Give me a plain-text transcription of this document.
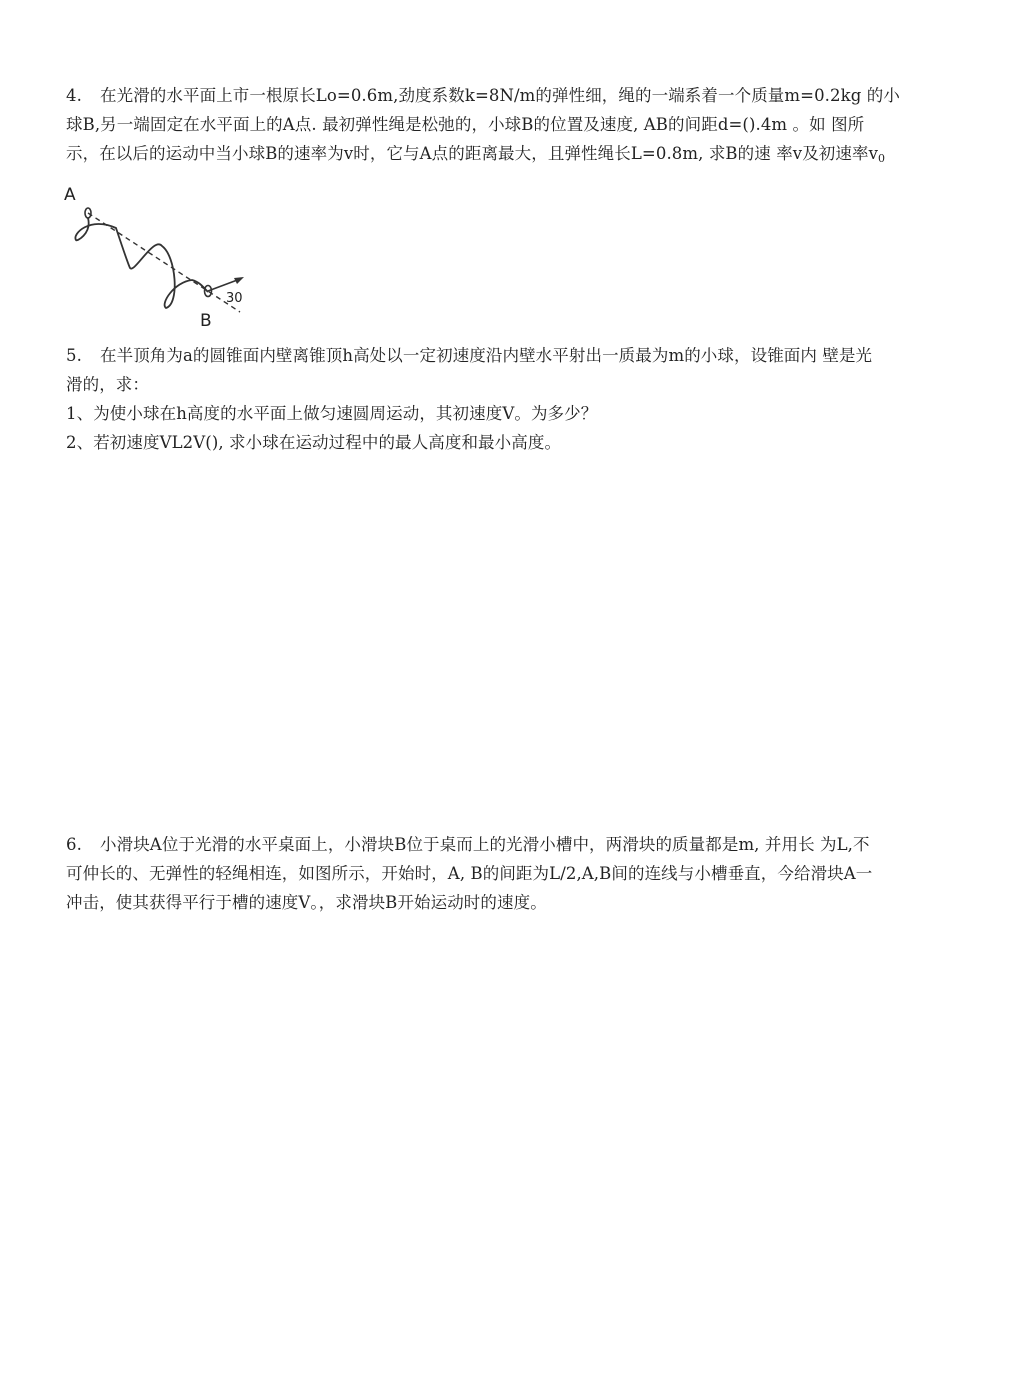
4. 在光滑的水平面上市一根原长Lo=0.6m,劲度系数k=8N/m的弹性细，绳的一端系着一个质量m=0.2kg 的小
球B,另一端固定在水平面上的A点. 最初弹性绳是松弛的，小球B的位置及速度, AB的间距d=().4m 。如 图所
示，在以后的运动中当小球B的速率为v时，它与A点的距离最大，且弹性绳长L=0.8m, 求B的速 率v及初速率$v_0$

A
B
30
5. 在半顶角为a的圆锥面内壁离锥顶h高处以一定初速度沿内壁水平射出一质最为m的小球，设锥面内 壁是光
滑的，求：
1、为使小球在h高度的水平面上做匀速圆周运动，其初速度V。为多少？
2、若初速度VL2V(), 求小球在运动过程中的最人高度和最小高度。

6. 小滑块A位于光滑的水平桌面上，小滑块B位于桌而上的光滑小槽中，两滑块的质量都是m, 并用长 为L,不
可仲长的、无弹性的轻绳相连，如图所示，开始时，A, B的间距为L/2,A,B间的连线与小槽垂直，今给滑块A一
冲击，使其获得平行于槽的速度V。，求滑块B开始运动时的速度。
